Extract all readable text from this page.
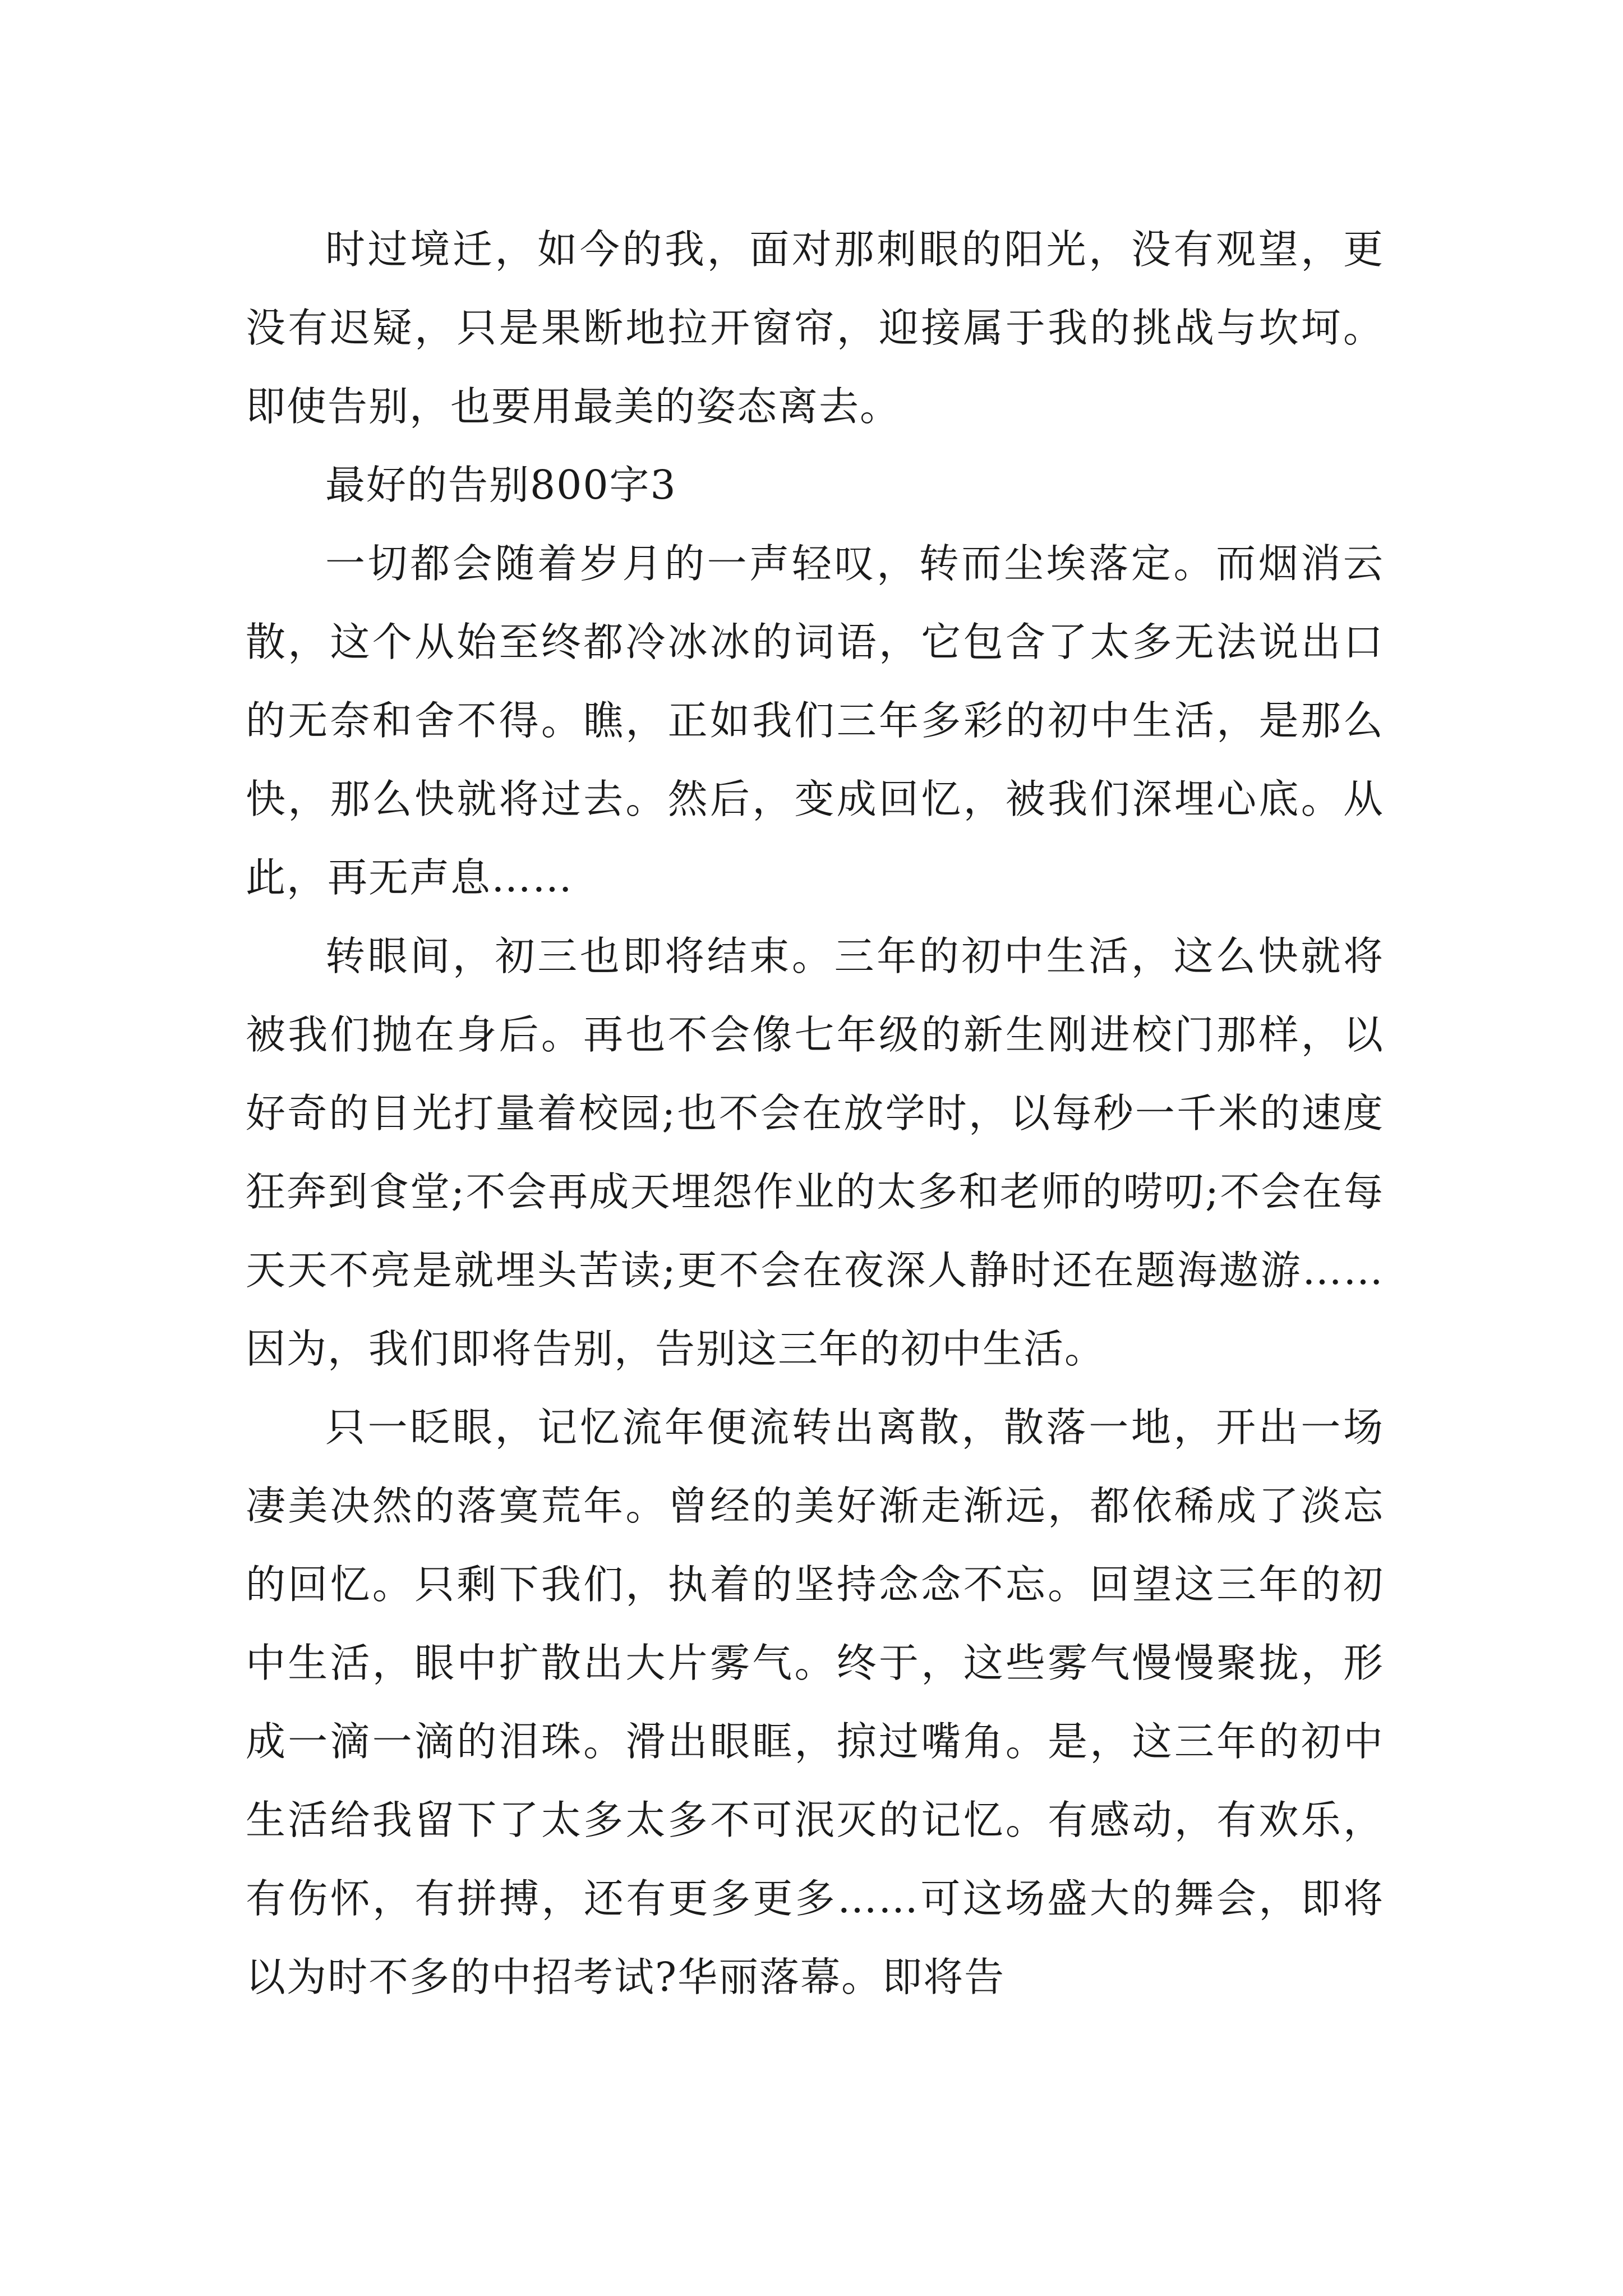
时过境迁，如今的我，面对那刺眼的阳光，没有观望，更没有迟疑，只是果断地拉开窗帘，迎接属于我的挑战与坎坷。即使告别，也要用最美的姿态离去。

最好的告别800字3

一切都会随着岁月的一声轻叹，转而尘埃落定。而烟消云散，这个从始至终都冷冰冰的词语，它包含了太多无法说出口的无奈和舍不得。瞧，正如我们三年多彩的初中生活，是那么快，那么快就将过去。然后，变成回忆，被我们深埋心底。从此，再无声息……

转眼间，初三也即将结束。三年的初中生活，这么快就将被我们抛在身后。再也不会像七年级的新生刚进校门那样，以好奇的目光打量着校园;也不会在放学时，以每秒一千米的速度狂奔到食堂;不会再成天埋怨作业的太多和老师的唠叨;不会在每天天不亮是就埋头苦读;更不会在夜深人静时还在题海遨游……因为，我们即将告别，告别这三年的初中生活。

只一眨眼，记忆流年便流转出离散，散落一地，开出一场凄美决然的落寞荒年。曾经的美好渐走渐远，都依稀成了淡忘的回忆。只剩下我们，执着的坚持念念不忘。回望这三年的初中生活，眼中扩散出大片雾气。终于，这些雾气慢慢聚拢，形成一滴一滴的泪珠。滑出眼眶，掠过嘴角。是，这三年的初中生活给我留下了太多太多不可泯灭的记忆。有感动，有欢乐，有伤怀，有拼搏，还有更多更多……可这场盛大的舞会，即将以为时不多的中招考试?华丽落幕。即将告
